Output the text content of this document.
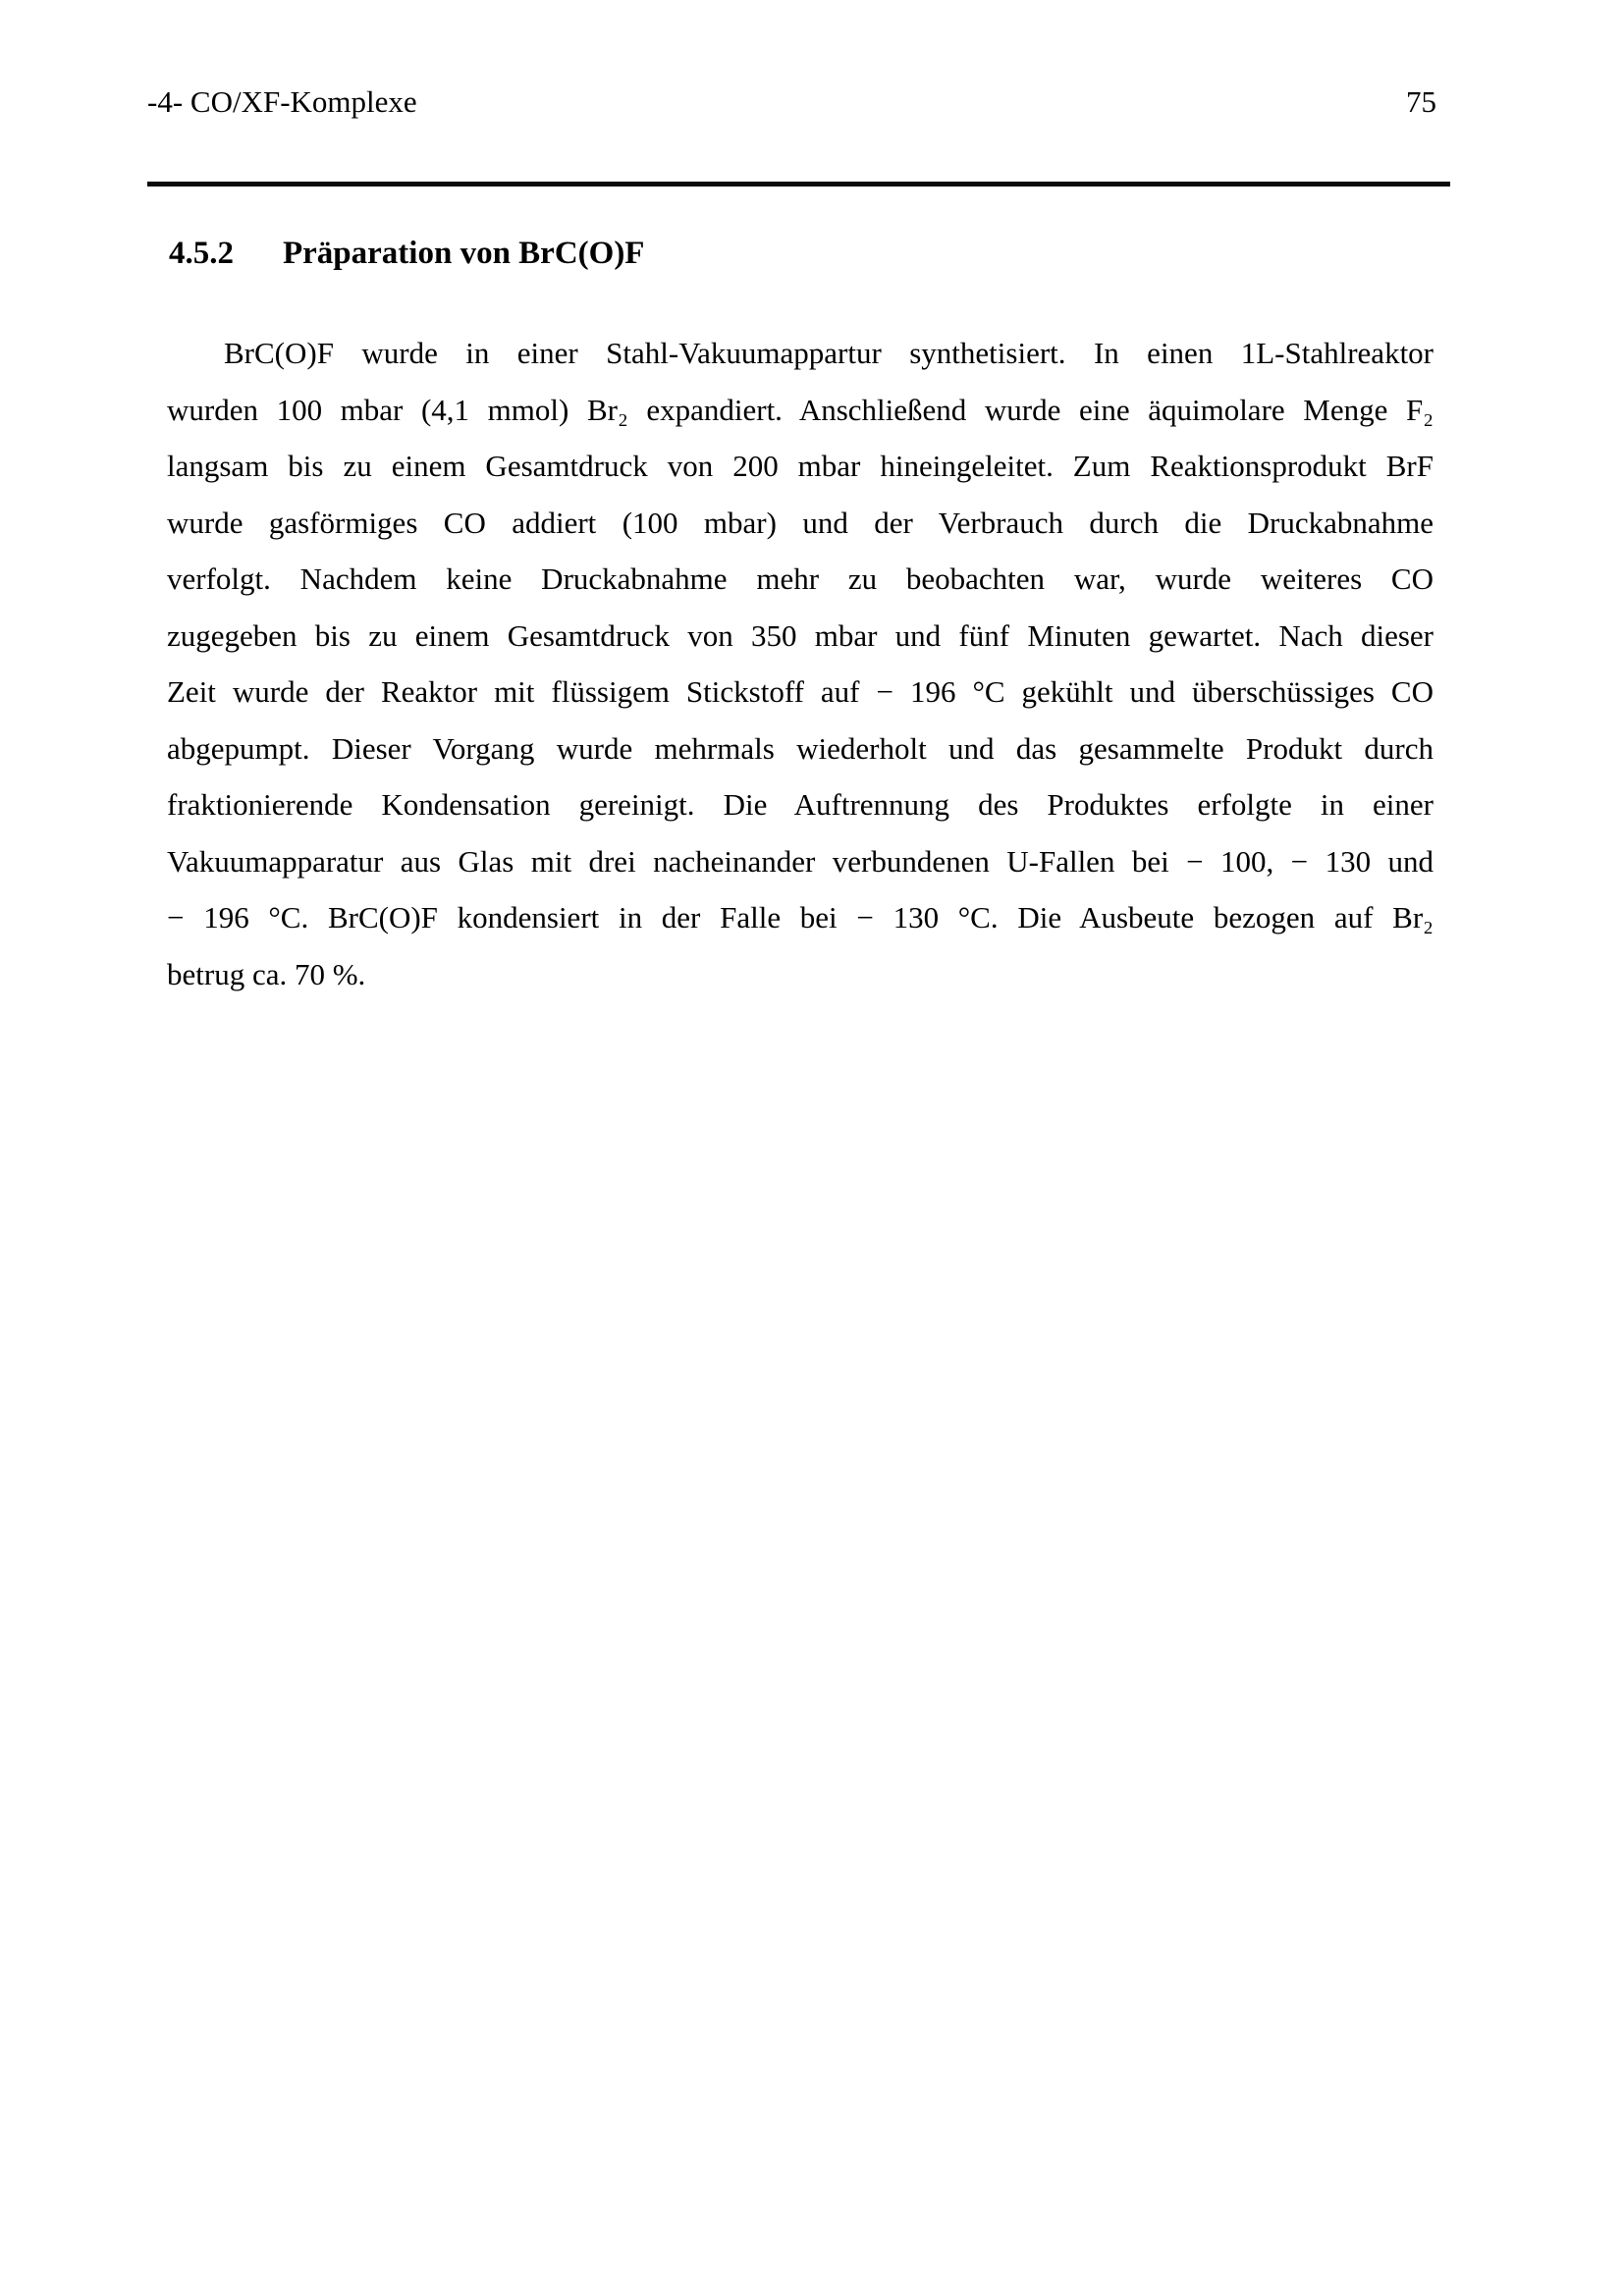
-4- CO/XF-Komplexe	75
4.5.2 Präparation von BrC(O)F
BrC(O)F wurde in einer Stahl-Vakuumappartur synthetisiert. In einen 1L-Stahlreaktor
wurden 100 mbar (4,1 mmol) Br₂ expandiert. Anschließend wurde eine äquimolare Menge F₂
langsam bis zu einem Gesamtdruck von 200 mbar hineingeleitet. Zum Reaktionsprodukt BrF
wurde gasförmiges CO addiert (100 mbar) und der Verbrauch durch die Druckabnahme
verfolgt. Nachdem keine Druckabnahme mehr zu beobachten war, wurde weiteres CO
zugegeben bis zu einem Gesamtdruck von 350 mbar und fünf Minuten gewartet. Nach dieser
Zeit wurde der Reaktor mit flüssigem Stickstoff auf − 196 °C gekühlt und überschüssiges CO
abgepumpt. Dieser Vorgang wurde mehrmals wiederholt und das gesammelte Produkt durch
fraktionierende Kondensation gereinigt. Die Auftrennung des Produktes erfolgte in einer
Vakuumapparatur aus Glas mit drei nacheinander verbundenen U-Fallen bei − 100, − 130 und
− 196 °C. BrC(O)F kondensiert in der Falle bei − 130 °C. Die Ausbeute bezogen auf Br₂
betrug ca. 70 %.
